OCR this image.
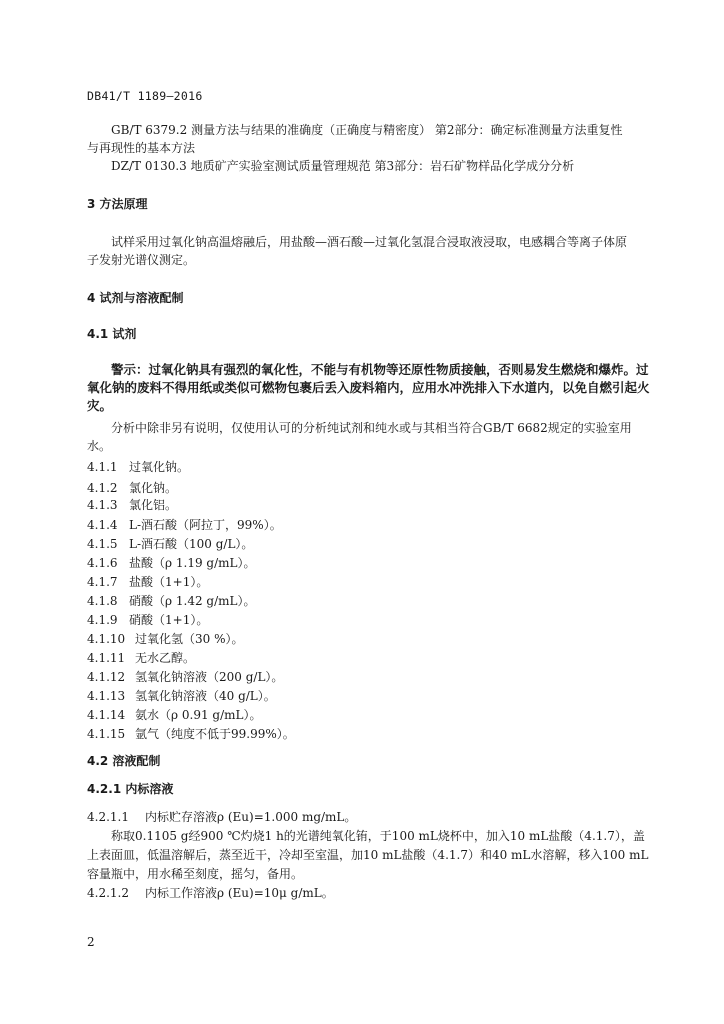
DB41/T 1189—2016
GB/T 6379.2 测量方法与结果的准确度（正确度与精密度） 第2部分：确定标准测量方法重复性
与再现性的基本方法
DZ/T 0130.3 地质矿产实验室测试质量管理规范 第3部分：岩石矿物样品化学成分分析
3 方法原理
试样采用过氧化钠高温熔融后，用盐酸—酒石酸—过氧化氢混合浸取液浸取，电感耦合等离子体原
子发射光谱仪测定。
4 试剂与溶液配制
4.1 试剂
警示：过氧化钠具有强烈的氧化性，不能与有机物等还原性物质接触，否则易发生燃烧和爆炸。过
氧化钠的废料不得用纸或类似可燃物包裹后丢入废料箱内，应用水冲洗排入下水道内，以免自燃引起火
灾。
分析中除非另有说明，仅使用认可的分析纯试剂和纯水或与其相当符合GB/T 6682规定的实验室用
水。
4.1.1 过氧化钠。
4.1.2 氯化钠。
4.1.3 氯化铝。
4.1.4 L-酒石酸（阿拉丁，99%）。
4.1.5 L-酒石酸（100 g/L）。
4.1.6 盐酸（ρ 1.19 g/mL）。
4.1.7 盐酸（1+1）。
4.1.8 硝酸（ρ 1.42 g/mL）。
4.1.9 硝酸（1+1）。
4.1.10 过氧化氢（30 %）。
4.1.11 无水乙醇。
4.1.12 氢氧化钠溶液（200 g/L）。
4.1.13 氢氧化钠溶液（40 g/L）。
4.1.14 氨水（ρ 0.91 g/mL）。
4.1.15 氩气（纯度不低于99.99%）。
4.2 溶液配制
4.2.1 内标溶液
4.2.1.1 内标贮存溶液ρ (Eu)=1.000 mg/mL。
称取0.1105 g经900 ℃灼烧1 h的光谱纯氧化铕，于100 mL烧杯中，加入10 mL盐酸（4.1.7），盖
上表面皿，低温溶解后，蒸至近干，冷却至室温，加10 mL盐酸（4.1.7）和40 mL水溶解，移入100 mL
容量瓶中，用水稀至刻度，摇匀，备用。
4.2.1.2 内标工作溶液ρ (Eu)=10μ g/mL。
2
